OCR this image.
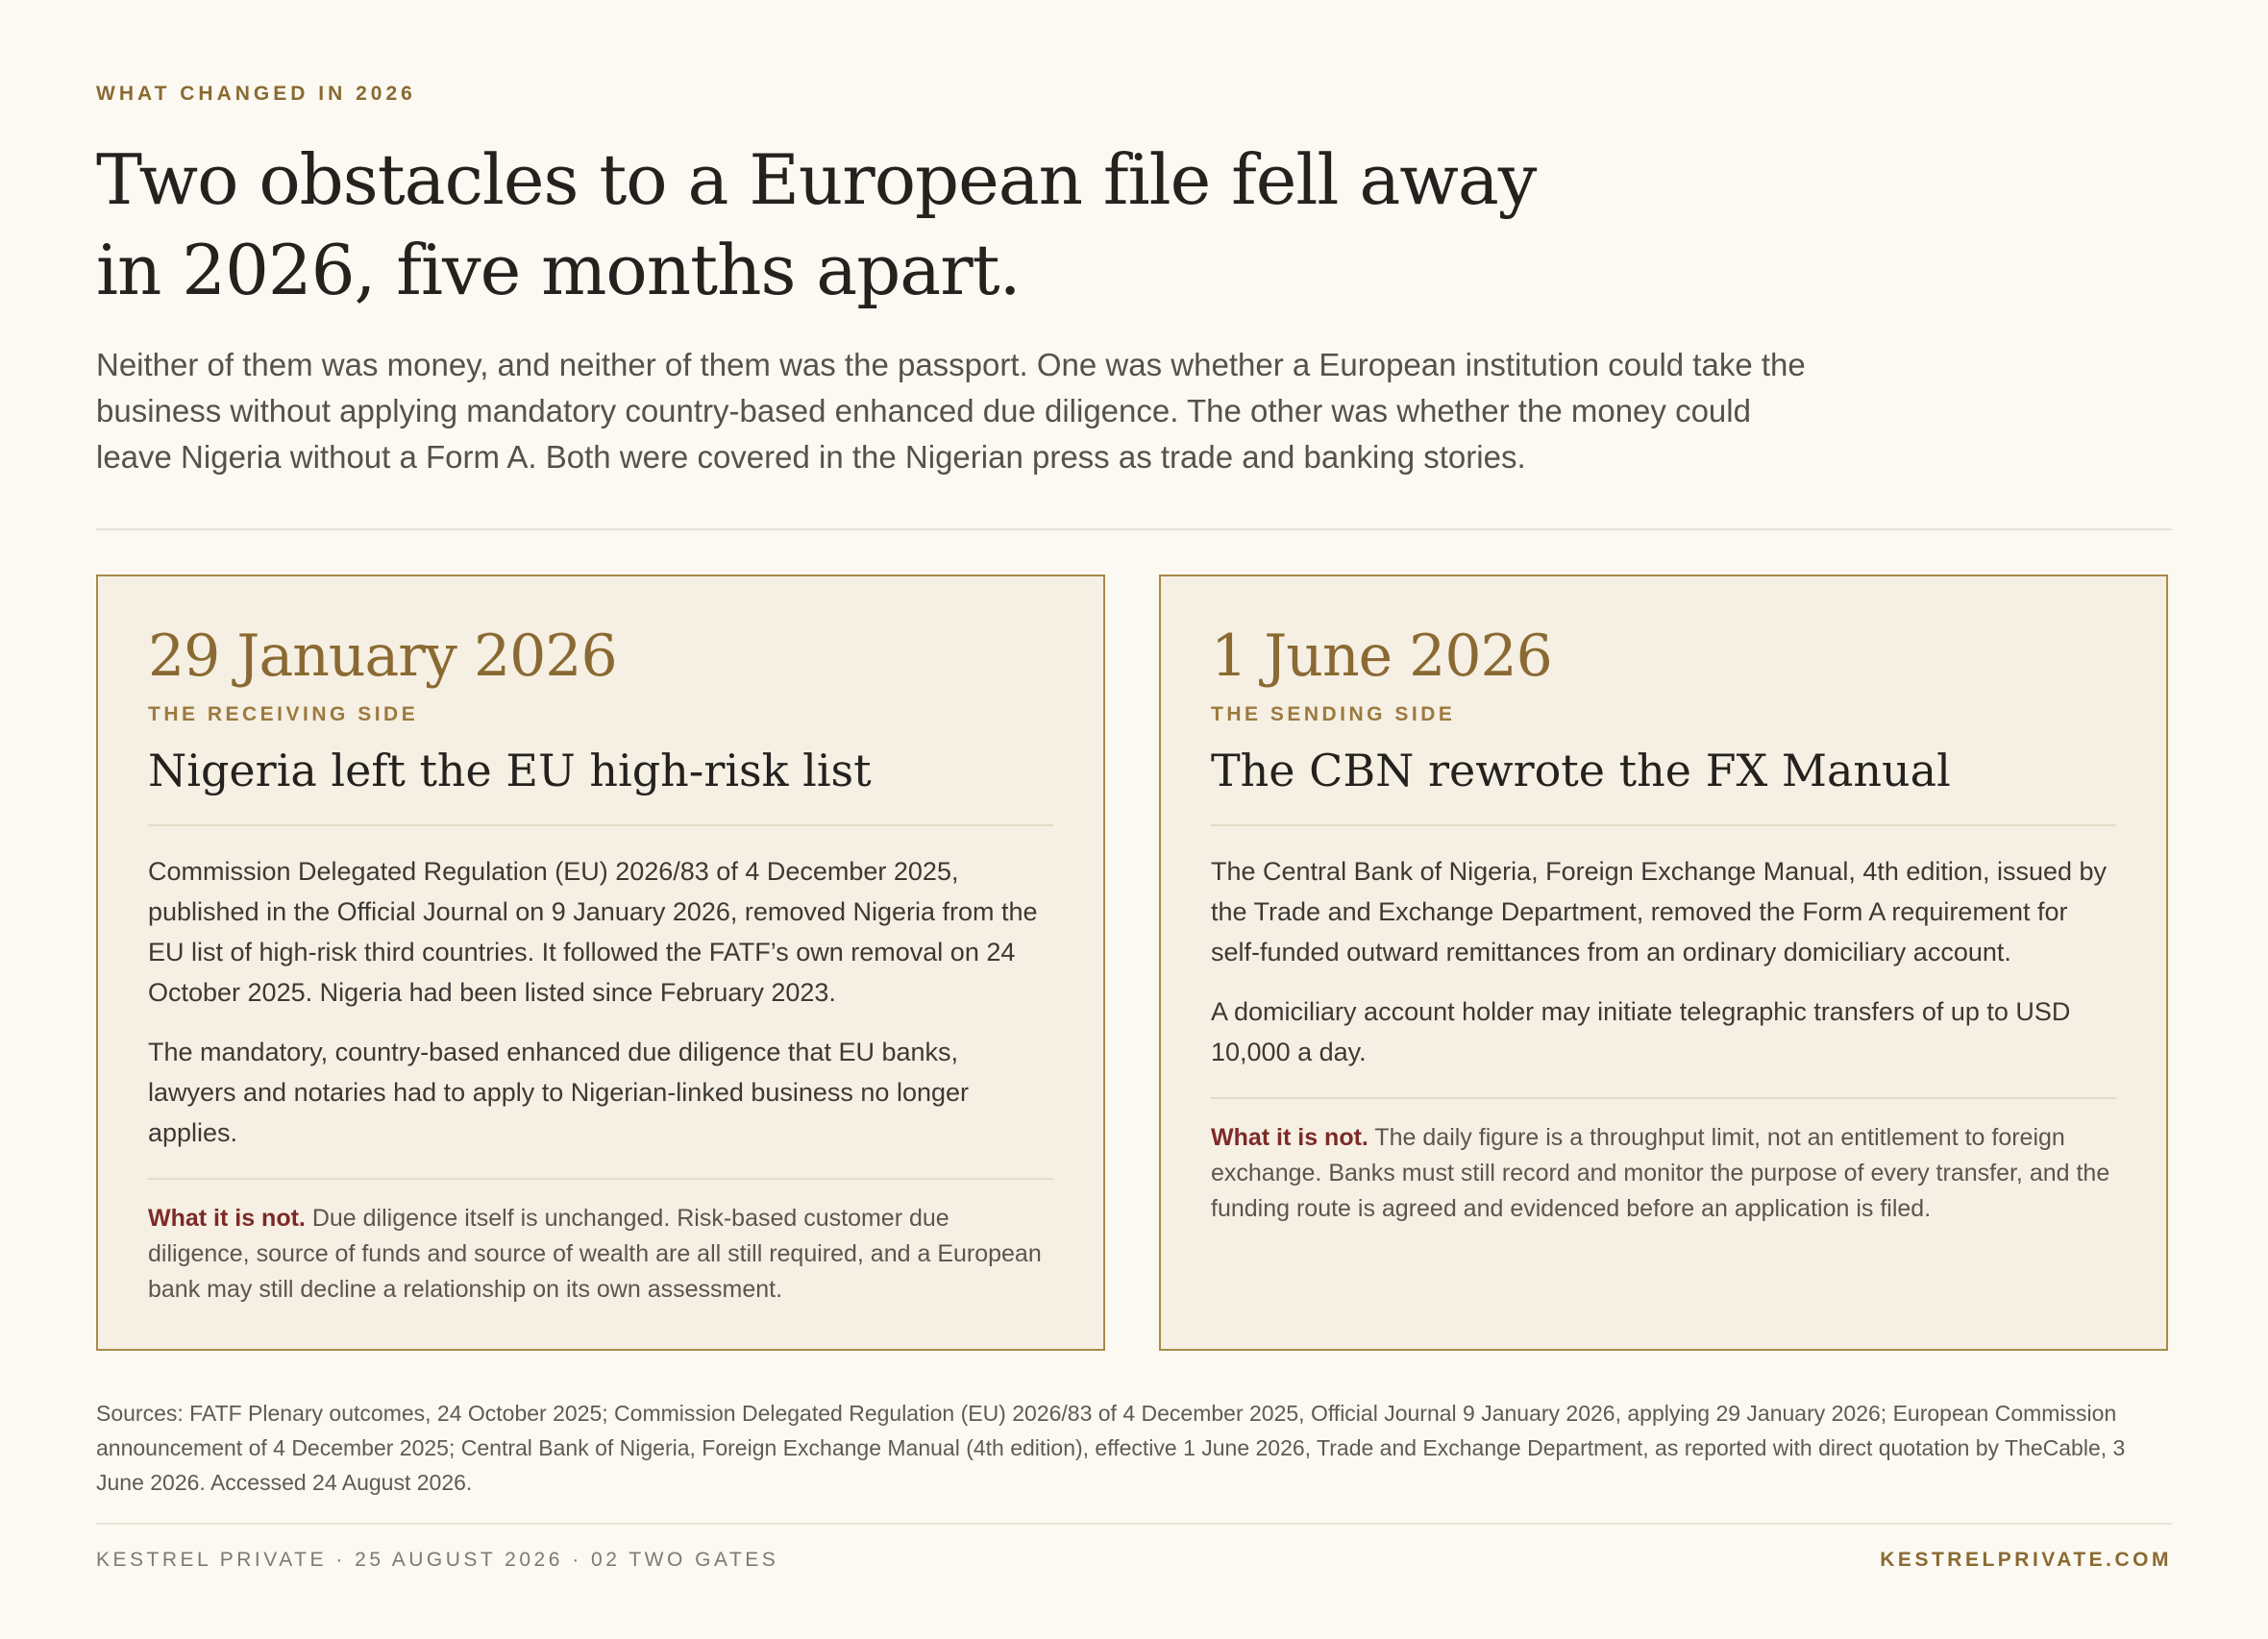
WHAT CHANGED IN 2026
Two obstacles to a European file fell away
in 2026, five months apart.

Neither of them was money, and neither of them was the passport. One was whether a European institution could take the business without applying mandatory country-based enhanced due diligence. The other was whether the money could leave Nigeria without a Form A. Both were covered in the Nigerian press as trade and banking stories.

29 January 2026
THE RECEIVING SIDE
Nigeria left the EU high-risk list

Commission Delegated Regulation (EU) 2026/83 of 4 December 2025, published in the Official Journal on 9 January 2026, removed Nigeria from the EU list of high-risk third countries. It followed the FATF’s own removal on 24 October 2025. Nigeria had been listed since February 2023.

The mandatory, country-based enhanced due diligence that EU banks, lawyers and notaries had to apply to Nigerian-linked business no longer applies.

What it is not. Due diligence itself is unchanged. Risk-based customer due diligence, source of funds and source of wealth are all still required, and a European bank may still decline a relationship on its own assessment.
1 June 2026
THE SENDING SIDE
The CBN rewrote the FX Manual

The Central Bank of Nigeria, Foreign Exchange Manual, 4th edition, issued by the Trade and Exchange Department, removed the Form A requirement for self-funded outward remittances from an ordinary domiciliary account.

A domiciliary account holder may initiate telegraphic transfers of up to USD 10,000 a day.

What it is not. The daily figure is a throughput limit, not an entitlement to foreign exchange. Banks must still record and monitor the purpose of every transfer, and the funding route is agreed and evidenced before an application is filed.

Sources: FATF Plenary outcomes, 24 October 2025; Commission Delegated Regulation (EU) 2026/83 of 4 December 2025, Official Journal 9 January 2026, applying 29 January 2026; European Commission announcement of 4 December 2025; Central Bank of Nigeria, Foreign Exchange Manual (4th edition), effective 1 June 2026, Trade and Exchange Department, as reported with direct quotation by TheCable, 3 June 2026. Accessed 24 August 2026.

KESTREL PRIVATE · 25 AUGUST 2026 · 02 TWO GATES	KESTRELPRIVATE.COM
